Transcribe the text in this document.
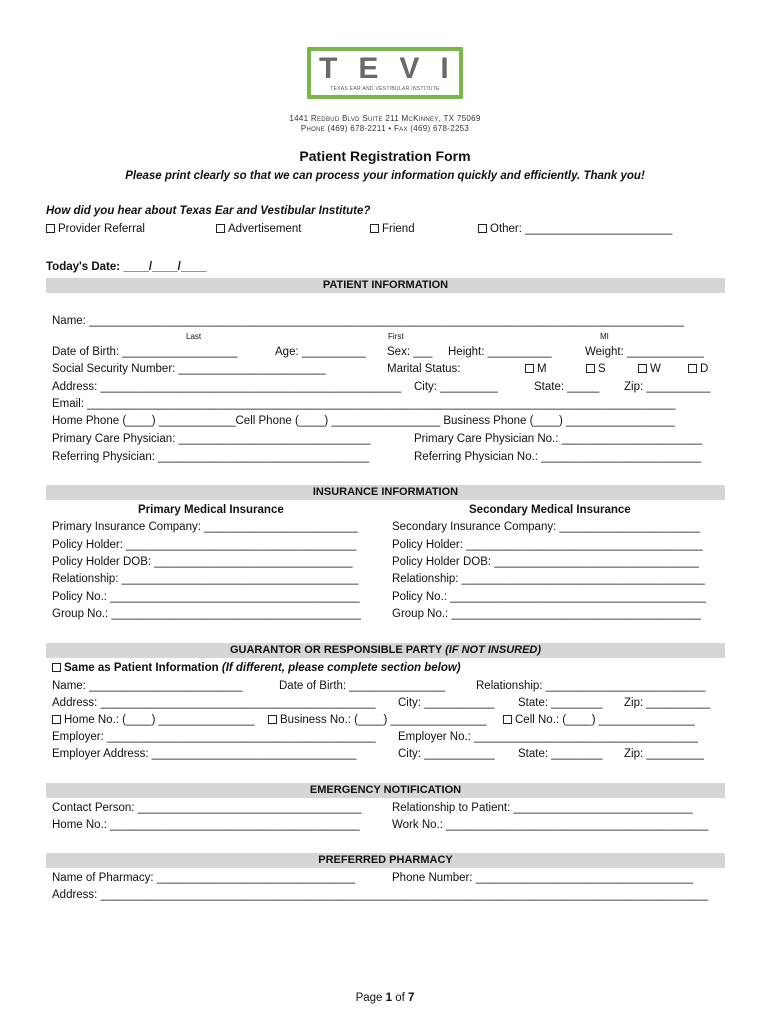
TEVI
TEXAS EAR AND VESTIBULAR INSTITUTE
1441 Redbud Blvd Suite 211 McKinney, TX 75069
Phone (469) 678-2211 • Fax (469) 678-2253
Patient Registration Form
Please print clearly so that we can process your information quickly and efficiently. Thank you!
How did you hear about Texas Ear and Vestibular Institute?
Provider Referral	Advertisement	Friend	Other: _______________________
Today's Date: ____/____/____
PATIENT INFORMATION
Name: _____________________________________________________________________________________________
Last	First	MI
Date of Birth: __________________	Age: __________ Sex: ___ Height: __________	Weight: ____________
Social Security Number: _______________________	Marital Status:	M	S	W	D
Address: _______________________________________________ City: _________	State: _____ Zip: __________
Email: ____________________________________________________________________________________________
Home Phone (____) ____________Cell Phone (____) _________________ Business Phone (____) _________________
Primary Care Physician: ______________________________	Primary Care Physician No.: ______________________
Referring Physician: _________________________________	Referring Physician No.: _________________________
INSURANCE INFORMATION
Primary Medical Insurance	Secondary Medical Insurance
Primary Insurance Company: ________________________	Secondary Insurance Company: ______________________
Policy Holder: ____________________________________	Policy Holder: _____________________________________
Policy Holder DOB: _______________________________	Policy Holder DOB: ________________________________
Relationship: _____________________________________	Relationship: ______________________________________
Policy No.: _______________________________________	Policy No.: ________________________________________
Group No.: _______________________________________	Group No.: _______________________________________
GUARANTOR OR RESPONSIBLE PARTY (IF NOT INSURED)
Same as Patient Information (If different, please complete section below)
Name: ________________________	Date of Birth: _______________	Relationship: _________________________
Address: ___________________________________________ City: ___________ State: ________ Zip: __________
Home No.: (____) _______________	Business No.: (____) _______________	Cell No.: (____) _______________
Employer: __________________________________________ Employer No.: ___________________________________
Employer Address: ________________________________	City: ___________ State: ________ Zip: _________
EMERGENCY NOTIFICATION
Contact Person: ___________________________________	Relationship to Patient: ____________________________
Home No.: _______________________________________	Work No.: _________________________________________
PREFERRED PHARMACY
Name of Pharmacy: _______________________________	Phone Number: __________________________________
Address: _______________________________________________________________________________________________
Page 1 of 7
